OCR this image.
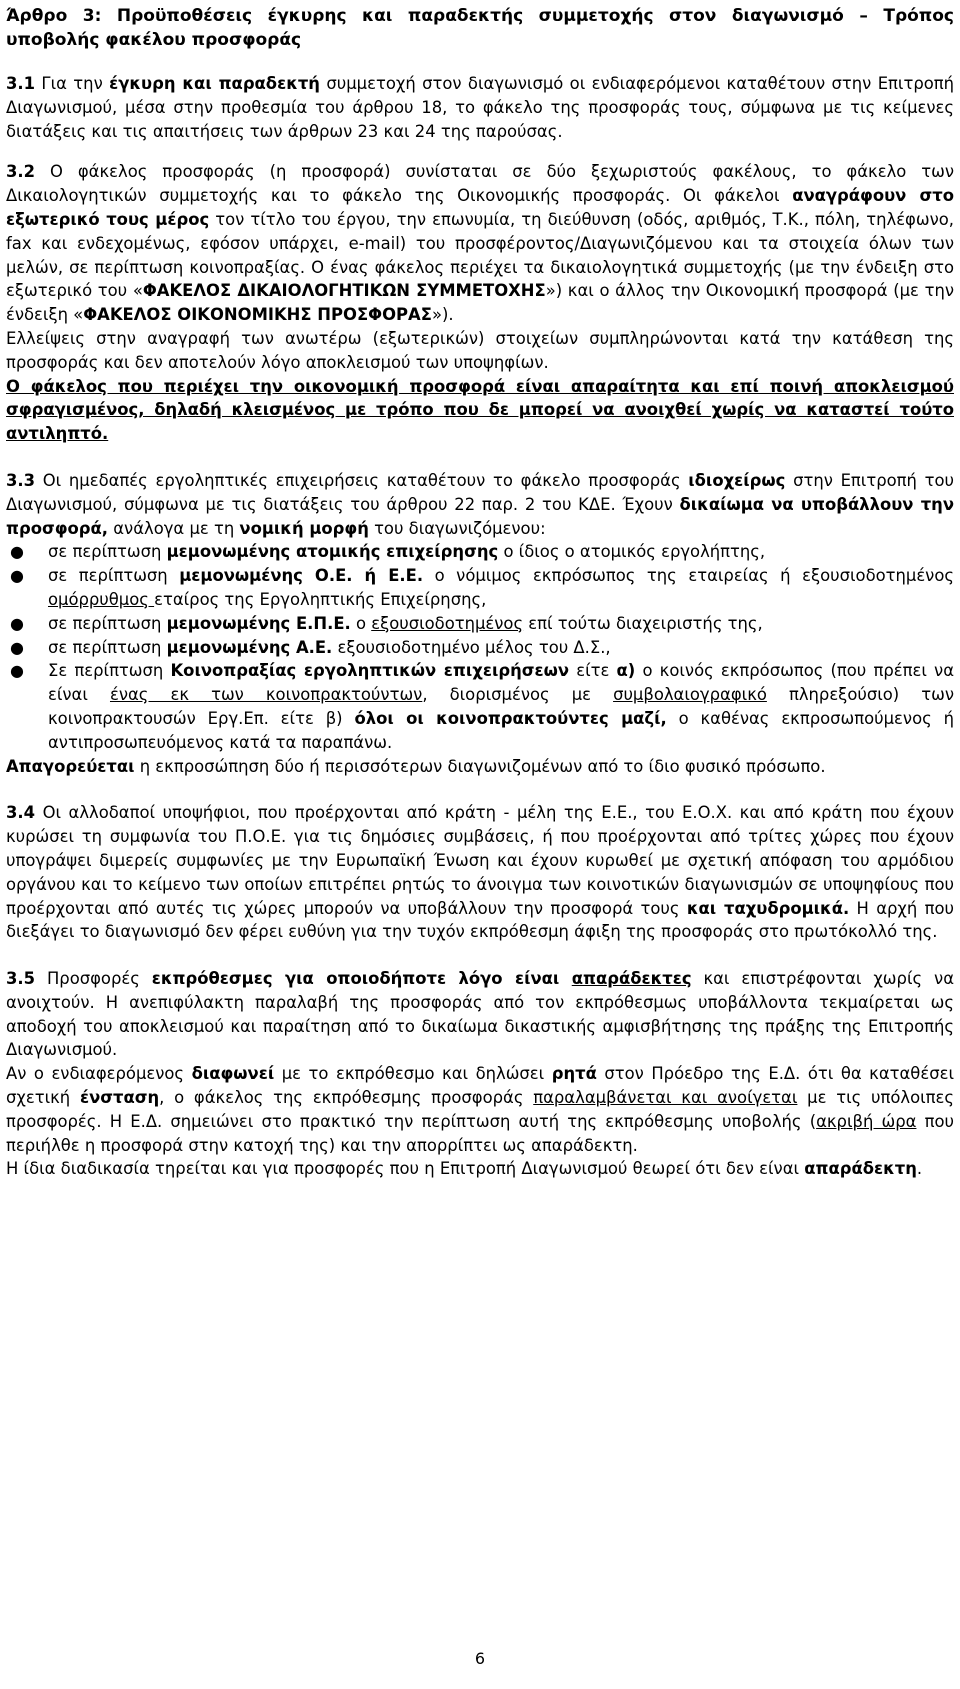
Άρθρο 3: Προϋποθέσεις έγκυρης και παραδεκτής συμμετοχής στον διαγωνισμό – Τρόπος υποβολής φακέλου προσφοράς

3.1 Για την έγκυρη και παραδεκτή συμμετοχή στον διαγωνισμό οι ενδιαφερόμενοι καταθέτουν στην Επιτροπή Διαγωνισμού, μέσα στην προθεσμία του άρθρου 18, το φάκελο της προσφοράς τους, σύμφωνα με τις κείμενες διατάξεις και τις απαιτήσεις των άρθρων 23 και 24 της παρούσας.

3.2 Ο φάκελος προσφοράς (η προσφορά) συνίσταται σε δύο ξεχωριστούς φακέλους, το φάκελο των Δικαιολογητικών συμμετοχής και το φάκελο της Οικονομικής προσφοράς. Οι φάκελοι αναγράφουν στο εξωτερικό τους μέρος τον τίτλο του έργου, την επωνυμία, τη διεύθυνση (οδός, αριθμός, Τ.Κ., πόλη, τηλέφωνο, fax και ενδεχομένως, εφόσον υπάρχει, e-mail) του προσφέροντος/Διαγωνιζόμενου και τα στοιχεία όλων των μελών, σε περίπτωση κοινοπραξίας. Ο ένας φάκελος περιέχει τα δικαιολογητικά συμμετοχής (με την ένδειξη στο εξωτερικό του «ΦΑΚΕΛΟΣ ΔΙΚΑΙΟΛΟΓΗΤΙΚΩΝ ΣΥΜΜΕΤΟΧΗΣ») και ο άλλος την Οικονομική προσφορά (με την ένδειξη «ΦΑΚΕΛΟΣ ΟΙΚΟΝΟΜΙΚΗΣ ΠΡΟΣΦΟΡΑΣ»).

Ελλείψεις στην αναγραφή των ανωτέρω (εξωτερικών) στοιχείων συμπληρώνονται κατά την κατάθεση της προσφοράς και δεν αποτελούν λόγο αποκλεισμού των υποψηφίων.

Ο φάκελος που περιέχει την οικονομική προσφορά είναι απαραίτητα και επί ποινή αποκλεισμού σφραγισμένος, δηλαδή κλεισμένος με τρόπο που δε μπορεί να ανοιχθεί χωρίς να καταστεί τούτο αντιληπτό.

3.3 Οι ημεδαπές εργοληπτικές επιχειρήσεις καταθέτουν το φάκελο προσφοράς ιδιοχείρως στην Επιτροπή του Διαγωνισμού, σύμφωνα με τις διατάξεις του άρθρου 22 παρ. 2 του ΚΔΕ. Έχουν δικαίωμα να υποβάλλουν την προσφορά, ανάλογα με τη νομική μορφή του διαγωνιζόμενου:

● σε περίπτωση μεμονωμένης ατομικής επιχείρησης ο ίδιος ο ατομικός εργολήπτης,
● σε περίπτωση μεμονωμένης Ο.Ε. ή Ε.Ε. ο νόμιμος εκπρόσωπος της εταιρείας ή εξουσιοδοτημένος ομόρρυθμος εταίρος της Εργοληπτικής Επιχείρησης,
● σε περίπτωση μεμονωμένης Ε.Π.Ε. ο εξουσιοδοτημένος επί τούτω διαχειριστής της,
● σε περίπτωση μεμονωμένης Α.Ε. εξουσιοδοτημένο μέλος του Δ.Σ.,
● Σε περίπτωση Κοινοπραξίας εργοληπτικών επιχειρήσεων είτε α) ο κοινός εκπρόσωπος (που πρέπει να είναι ένας εκ των κοινοπρακτούντων, διορισμένος με συμβολαιογραφικό πληρεξούσιο) των κοινοπρακτουσών Εργ.Επ. είτε β) όλοι οι κοινοπρακτούντες μαζί, ο καθένας εκπροσωπούμενος ή αντιπροσωπευόμενος κατά τα παραπάνω.

Απαγορεύεται η εκπροσώπηση δύο ή περισσότερων διαγωνιζομένων από το ίδιο φυσικό πρόσωπο.

3.4 Οι αλλοδαποί υποψήφιοι, που προέρχονται από κράτη - μέλη της Ε.Ε., του Ε.Ο.Χ. και από κράτη που έχουν κυρώσει τη συμφωνία του Π.Ο.Ε. για τις δημόσιες συμβάσεις, ή που προέρχονται από τρίτες χώρες που έχουν υπογράψει διμερείς συμφωνίες με την Ευρωπαϊκή Ένωση και έχουν κυρωθεί με σχετική απόφαση του αρμόδιου οργάνου και το κείμενο των οποίων επιτρέπει ρητώς το άνοιγμα των κοινοτικών διαγωνισμών σε υποψηφίους που προέρχονται από αυτές τις χώρες μπορούν να υποβάλλουν την προσφορά τους και ταχυδρομικά. Η αρχή που διεξάγει το διαγωνισμό δεν φέρει ευθύνη για την τυχόν εκπρόθεσμη άφιξη της προσφοράς στο πρωτόκολλό της.

3.5 Προσφορές εκπρόθεσμες για οποιοδήποτε λόγο είναι απαράδεκτες και επιστρέφονται χωρίς να ανοιχτούν. Η ανεπιφύλακτη παραλαβή της προσφοράς από τον εκπρόθεσμως υποβάλλοντα τεκμαίρεται ως αποδοχή του αποκλεισμού και παραίτηση από το δικαίωμα δικαστικής αμφισβήτησης της πράξης της Επιτροπής Διαγωνισμού.

Αν ο ενδιαφερόμενος διαφωνεί με το εκπρόθεσμο και δηλώσει ρητά στον Πρόεδρο της Ε.Δ. ότι θα καταθέσει σχετική ένσταση, ο φάκελος της εκπρόθεσμης προσφοράς παραλαμβάνεται και ανοίγεται με τις υπόλοιπες προσφορές. Η Ε.Δ. σημειώνει στο πρακτικό την περίπτωση αυτή της εκπρόθεσμης υποβολής (ακριβή ώρα που περιήλθε η προσφορά στην κατοχή της) και την απορρίπτει ως απαράδεκτη.

Η ίδια διαδικασία τηρείται και για προσφορές που η Επιτροπή Διαγωνισμού θεωρεί ότι δεν είναι απαράδεκτη.

6
